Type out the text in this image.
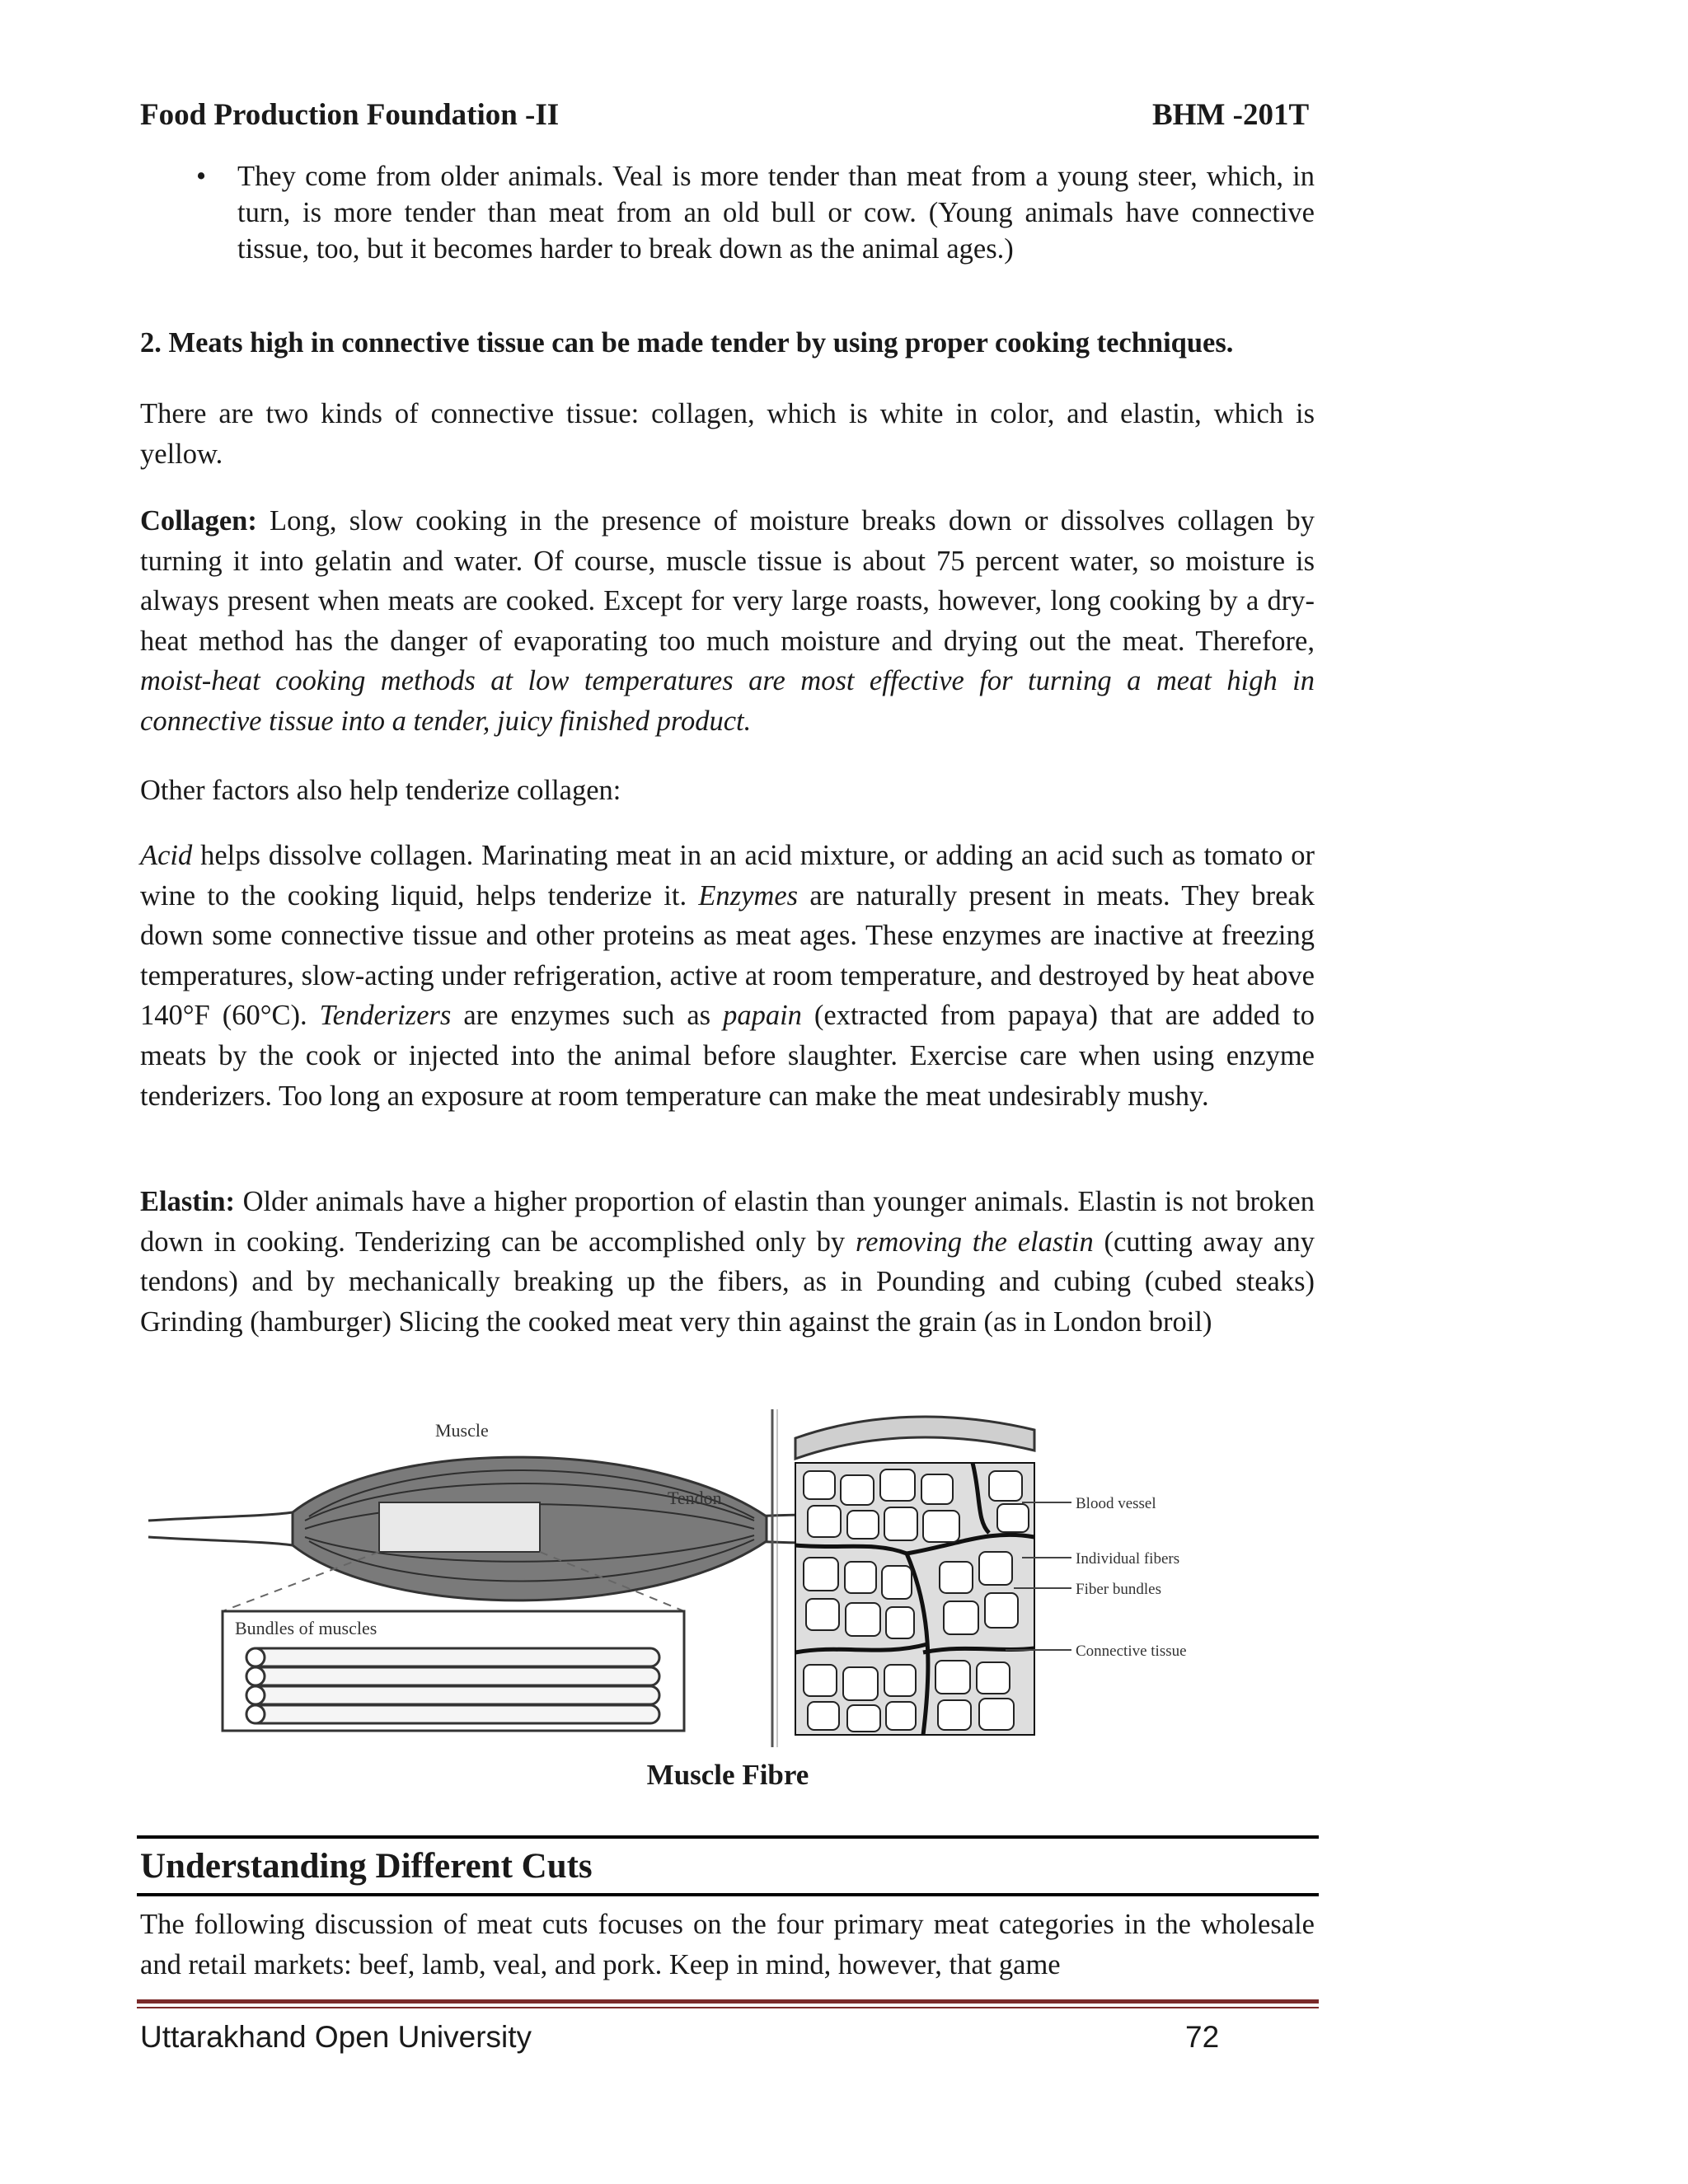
Food Production Foundation -II	BHM -201T
• They come from older animals. Veal is more tender than meat from a young steer, which, in turn, is more tender than meat from an old bull or cow. (Young animals have connective tissue, too, but it becomes harder to break down as the animal ages.)

2. Meats high in connective tissue can be made tender by using proper cooking techniques.

There are two kinds of connective tissue: collagen, which is white in color, and elastin, which is yellow.

Collagen: Long, slow cooking in the presence of moisture breaks down or dissolves collagen by turning it into gelatin and water. Of course, muscle tissue is about 75 percent water, so moisture is always present when meats are cooked. Except for very large roasts, however, long cooking by a dry-heat method has the danger of evaporating too much moisture and drying out the meat. Therefore, moist-heat cooking methods at low temperatures are most effective for turning a meat high in connective tissue into a tender, juicy finished product.

Other factors also help tenderize collagen:

Acid helps dissolve collagen. Marinating meat in an acid mixture, or adding an acid such as tomato or wine to the cooking liquid, helps tenderize it. Enzymes are naturally present in meats. They break down some connective tissue and other proteins as meat ages. These enzymes are inactive at freezing temperatures, slow-acting under refrigeration, active at room temperature, and destroyed by heat above 140°F (60°C). Tenderizers are enzymes such as papain (extracted from papaya) that are added to meats by the cook or injected into the animal before slaughter. Exercise care when using enzyme tenderizers. Too long an exposure at room temperature can make the meat undesirably mushy.

Elastin: Older animals have a higher proportion of elastin than younger animals. Elastin is not broken down in cooking. Tenderizing can be accomplished only by removing the elastin (cutting away any tendons) and by mechanically breaking up the fibers, as in Pounding and cubing (cubed steaks) Grinding (hamburger) Slicing the cooked meat very thin against the grain (as in London broil)

Muscle
Tendon
Bundles of muscles
Blood vessel
Individual fibers
Fiber bundles
Connective tissue
Muscle Fibre
Understanding Different Cuts

The following discussion of meat cuts focuses on the four primary meat categories in the wholesale and retail markets: beef, lamb, veal, and pork. Keep in mind, however, that game

Uttarakhand Open University	72
